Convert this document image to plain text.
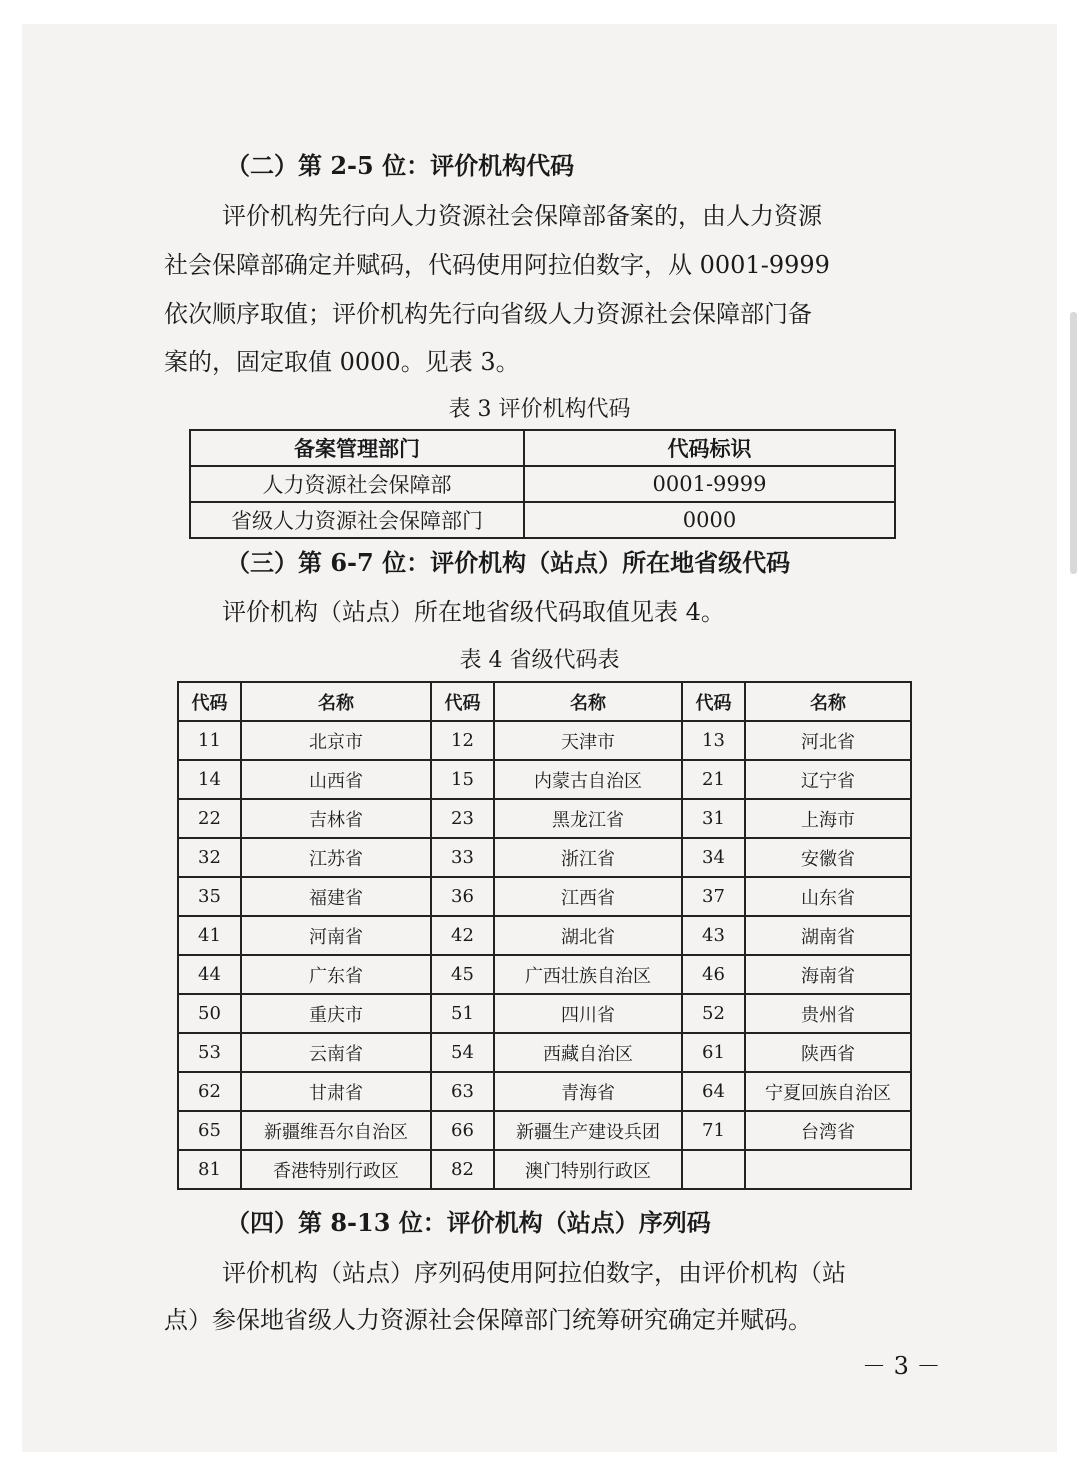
（二）第 2-5 位：评价机构代码
评价机构先行向人力资源社会保障部备案的，由人力资源
社会保障部确定并赋码，代码使用阿拉伯数字，从 0001-9999
依次顺序取值；评价机构先行向省级人力资源社会保障部门备
案的，固定取值 0000。见表 3。
表 3 评价机构代码
备案管理部门	代码标识
人力资源社会保障部	0001-9999
省级人力资源社会保障部门	0000
（三）第 6-7 位：评价机构（站点）所在地省级代码
评价机构（站点）所在地省级代码取值见表 4。
表 4 省级代码表
代码	名称	代码	名称	代码	名称
11	北京市	12	天津市	13	河北省
14	山西省	15	内蒙古自治区	21	辽宁省
22	吉林省	23	黑龙江省	31	上海市
32	江苏省	33	浙江省	34	安徽省
35	福建省	36	江西省	37	山东省
41	河南省	42	湖北省	43	湖南省
44	广东省	45	广西壮族自治区	46	海南省
50	重庆市	51	四川省	52	贵州省
53	云南省	54	西藏自治区	61	陕西省
62	甘肃省	63	青海省	64	宁夏回族自治区
65	新疆维吾尔自治区	66	新疆生产建设兵团	71	台湾省
81	香港特别行政区	82	澳门特别行政区		
（四）第 8-13 位：评价机构（站点）序列码
评价机构（站点）序列码使用阿拉伯数字，由评价机构（站
点）参保地省级人力资源社会保障部门统筹研究确定并赋码。
－ 3 －
